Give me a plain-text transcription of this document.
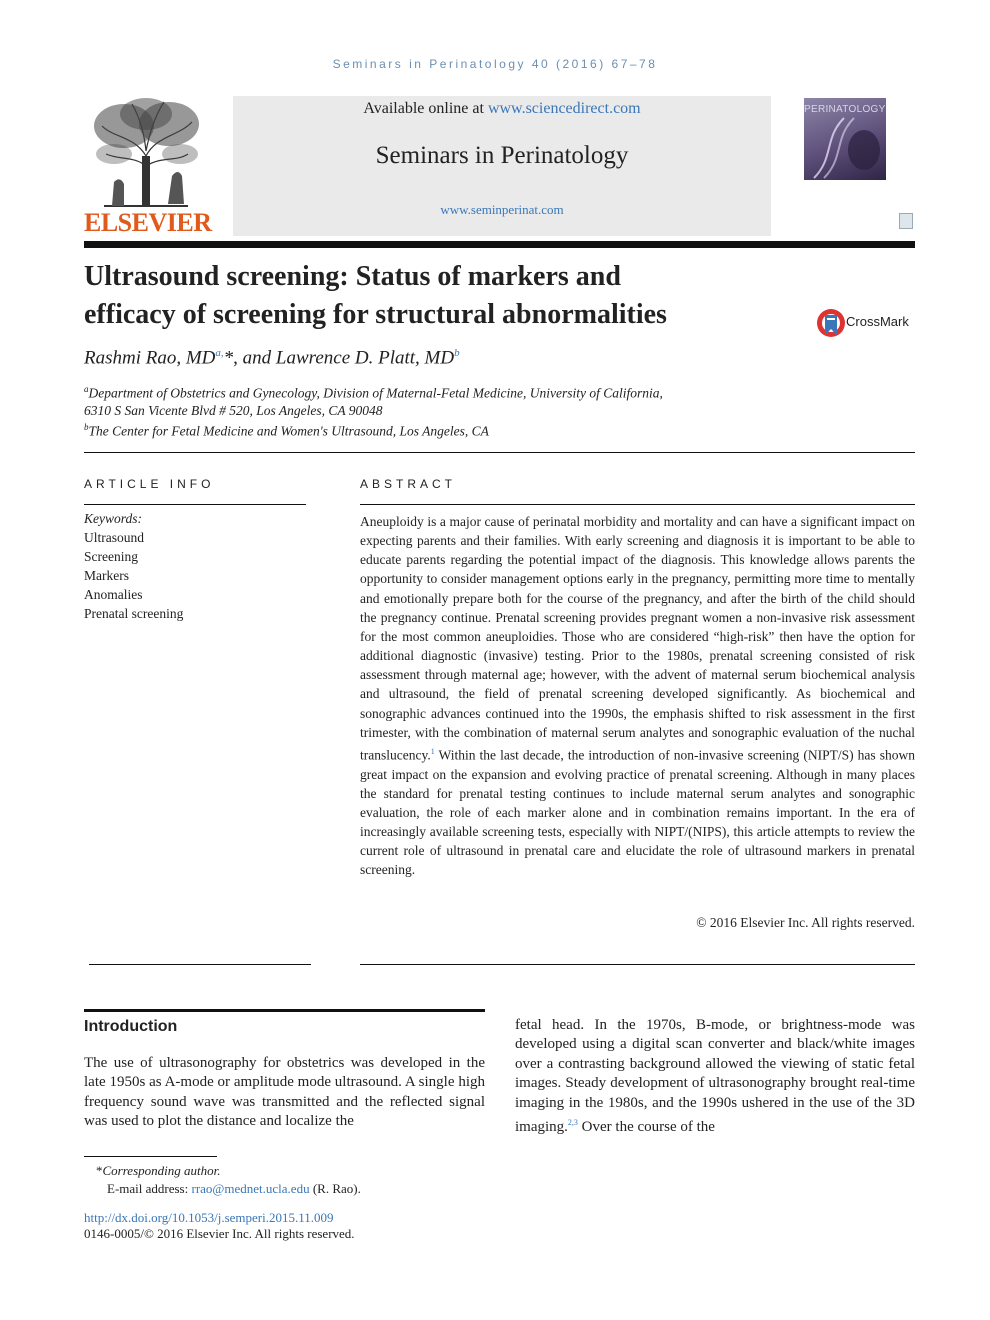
Seminars in Perinatology 40 (2016) 67–78
ELSEVIER
Available online at www.sciencedirect.com
Seminars in Perinatology
www.seminperinat.com
PERINATOLOGY
Ultrasound screening: Status of markers and
efficacy of screening for structural abnormalities	CrossMark
Rashmi Rao, $MD^{a,}*$, and Lawrence D. Platt, $MD^b$
$^a$Department of Obstetrics and Gynecology, Division of Maternal-Fetal Medicine, University of California,
6310 S San Vicente Blvd # 520, Los Angeles, CA 90048
$^b$The Center for Fetal Medicine and Women's Ultrasound, Los Angeles, CA
ARTICLE INFO
Keywords:
Ultrasound
Screening
Markers
Anomalies
Prenatal screening
ABSTRACT
Aneuploidy is a major cause of perinatal morbidity and mortality and can have a significant impact on expecting parents and their families. With early screening and diagnosis it is important to be able to educate parents regarding the potential impact of the diagnosis. This knowledge allows parents the opportunity to consider management options early in the pregnancy, permitting more time to mentally and emotionally prepare both for the course of the pregnancy, and after the birth of the child should the pregnancy continue. Prenatal screening provides pregnant women a non-invasive risk assessment for the most common aneuploidies. Those who are considered “high-risk” then have the option for additional diagnostic (invasive) testing. Prior to the 1980s, prenatal screening consisted of risk assessment through maternal age; however, with the advent of maternal serum biochemical analysis and ultrasound, the field of prenatal screening developed significantly. As biochemical and sonographic advances continued into the 1990s, the emphasis shifted to risk assessment in the first trimester, with the combination of maternal serum analytes and sonographic evaluation of the nuchal translucency.$^1$ Within the last decade, the introduction of non-invasive screening (NIPT/S) has shown great impact on the expansion and evolving practice of prenatal screening. Although in many places the standard for prenatal testing continues to include maternal serum analytes and sonographic evaluation, the role of each marker alone and in combination remains important. In the era of increasingly available screening tests, especially with NIPT/(NIPS), this article attempts to review the current role of ultrasound in prenatal care and elucidate the role of ultrasound markers in prenatal screening.
© 2016 Elsevier Inc. All rights reserved.
Introduction
The use of ultrasonography for obstetrics was developed in the late 1950s as A-mode or amplitude mode ultrasound. A single high frequency sound wave was transmitted and the reflected signal was used to plot the distance and localize the
fetal head. In the 1970s, B-mode, or brightness-mode was developed using a digital scan converter and black/white images over a contrasting background allowed the viewing of static fetal images. Steady development of ultrasonography brought real-time imaging in the 1980s, and the 1990s ushered in the use of the 3D imaging.$^{2,3}$ Over the course of the
*Corresponding author.
E-mail address: rrao@mednet.ucla.edu (R. Rao).
http://dx.doi.org/10.1053/j.semperi.2015.11.009
0146-0005/© 2016 Elsevier Inc. All rights reserved.
